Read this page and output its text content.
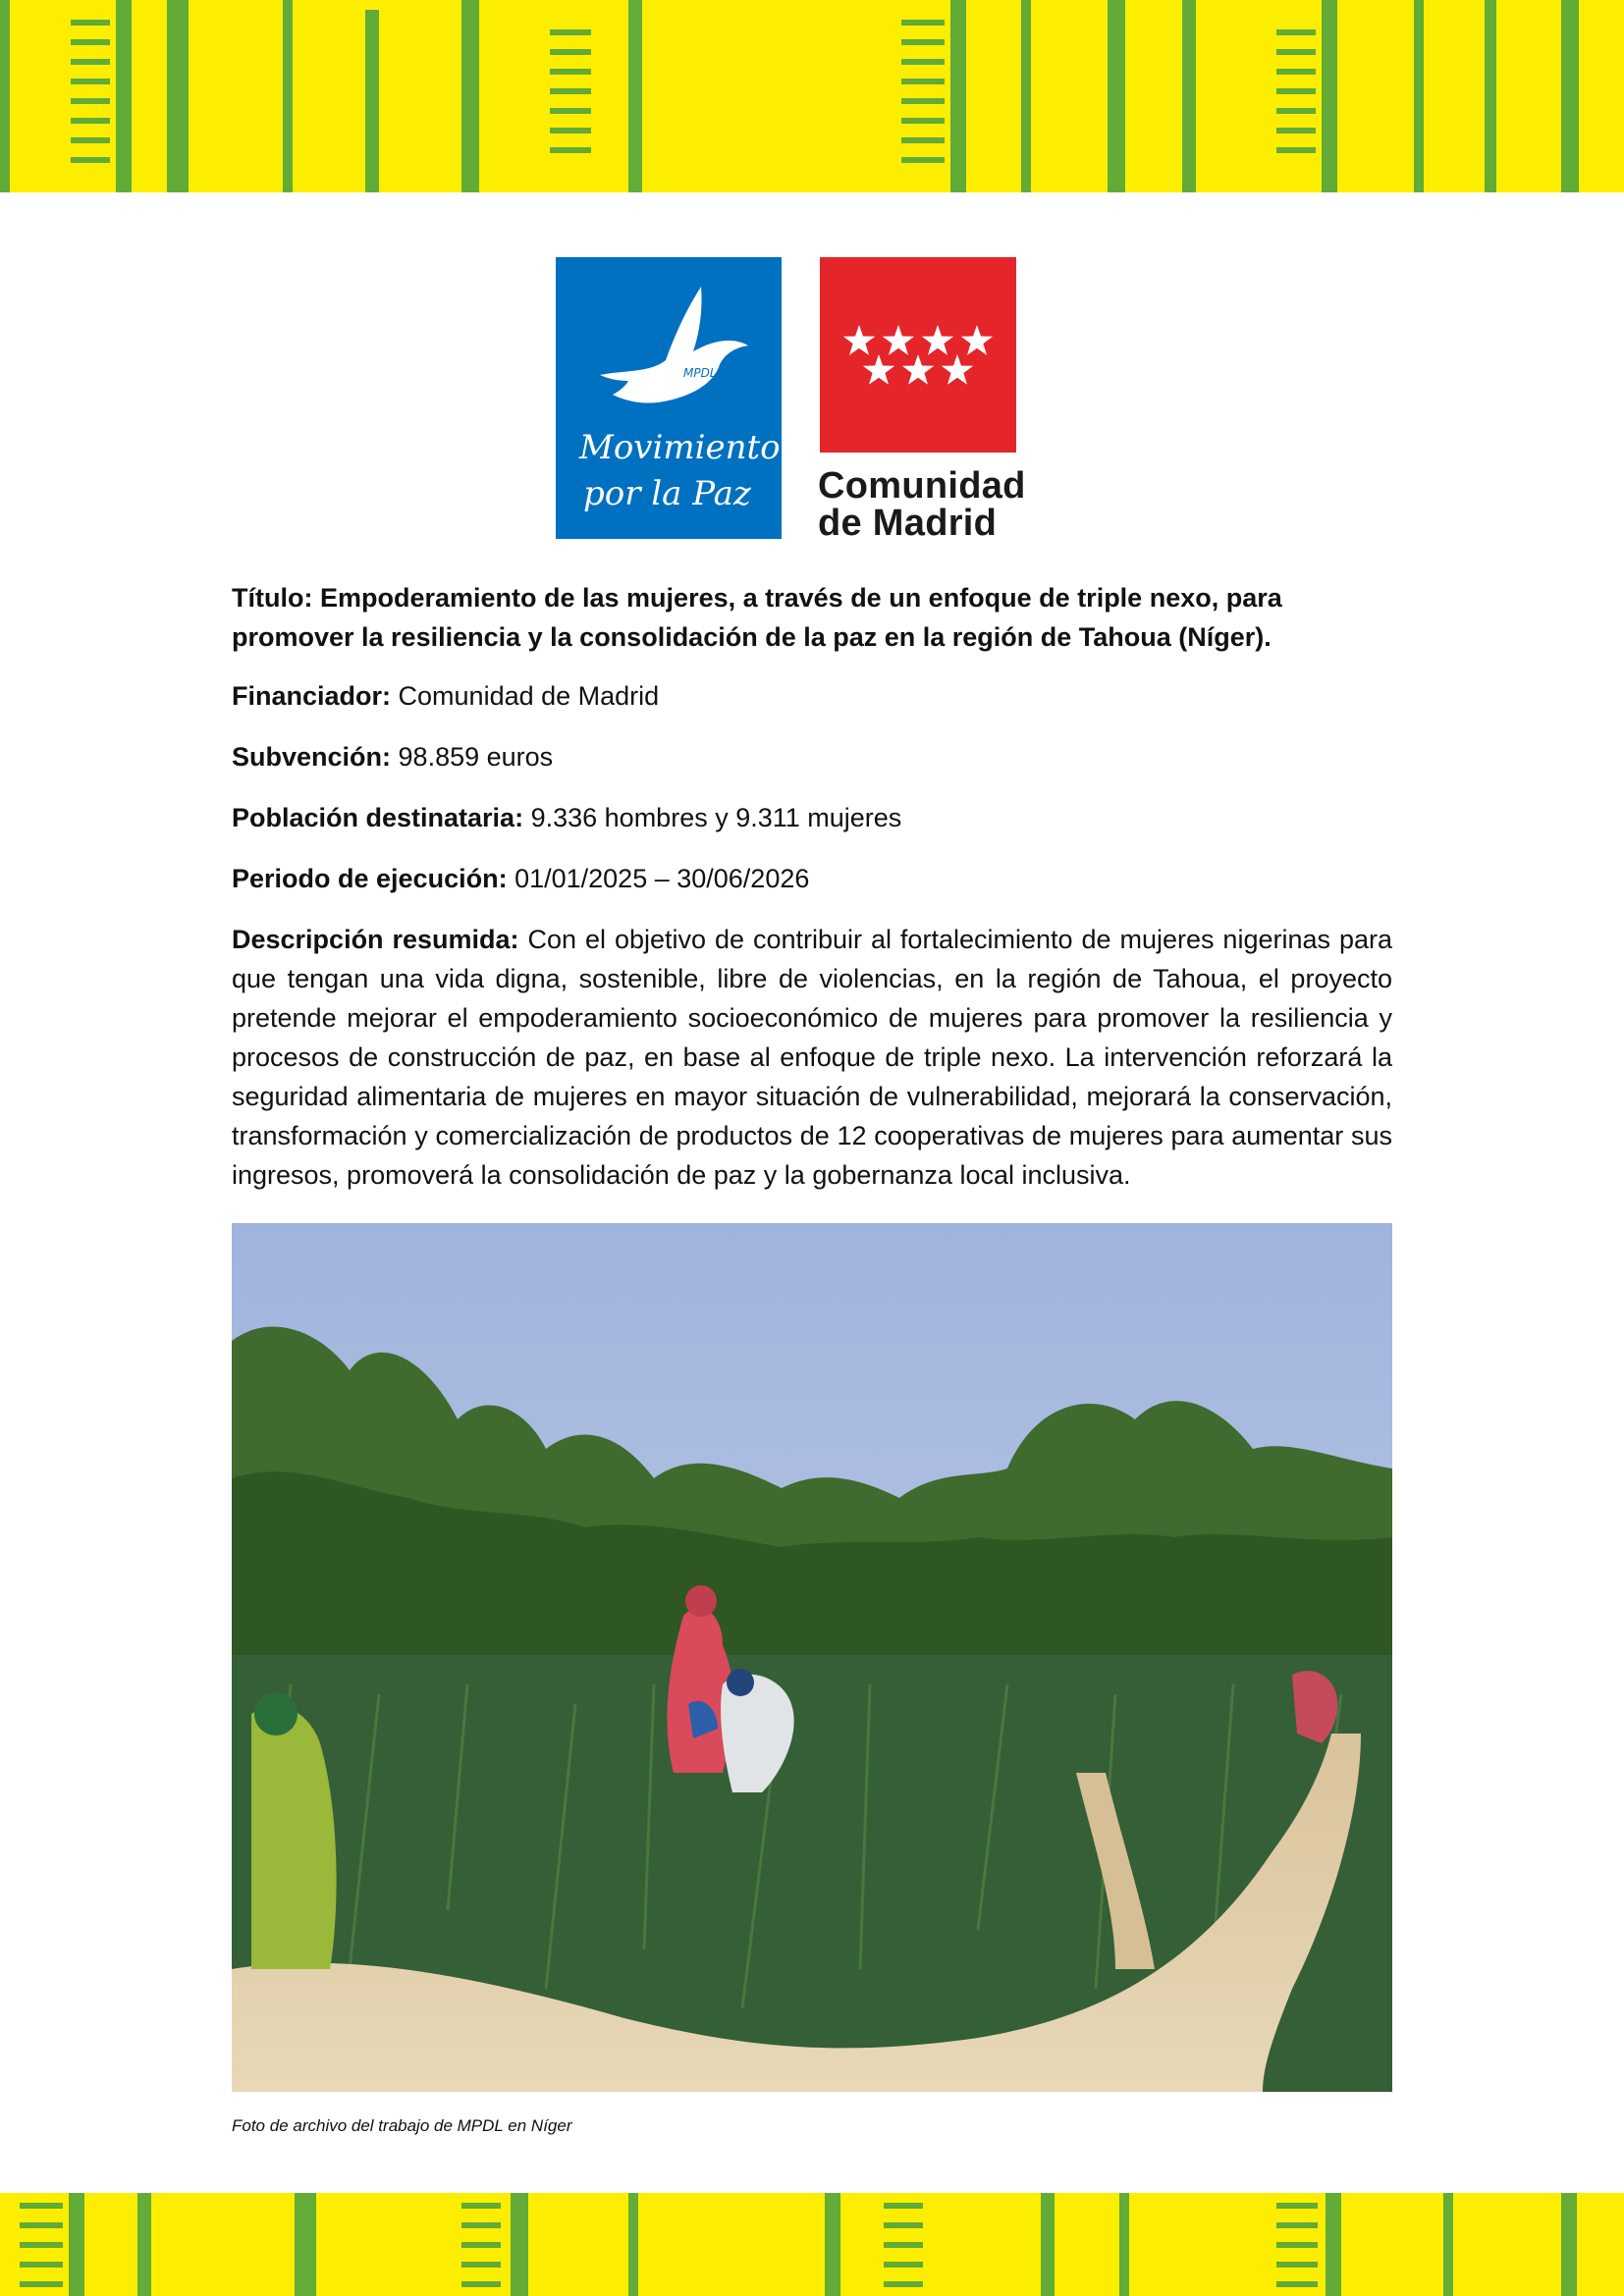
MPDL
Movimiento
por la Paz Comunidad
de Madrid

Título: Empoderamiento de las mujeres, a través de un enfoque de triple nexo, para promover la resiliencia y la consolidación de la paz en la región de Tahoua (Níger).

Financiador: Comunidad de Madrid

Subvención: 98.859 euros

Población destinataria: 9.336 hombres y 9.311 mujeres

Periodo de ejecución: 01/01/2025 – 30/06/2026

Descripción resumida: Con el objetivo de contribuir al fortalecimiento de mujeres nigerinas para que tengan una vida digna, sostenible, libre de violencias, en la región de Tahoua, el proyecto pretende mejorar el empoderamiento socioeconómico de mujeres para promover la resiliencia y procesos de construcción de paz, en base al enfoque de triple nexo. La intervención reforzará la seguridad alimentaria de mujeres en mayor situación de vulnerabilidad, mejorará la conservación, transformación y comercialización de productos de 12 cooperativas de mujeres para aumentar sus ingresos, promoverá la consolidación de paz y la gobernanza local inclusiva.

Foto de archivo del trabajo de MPDL en Níger
